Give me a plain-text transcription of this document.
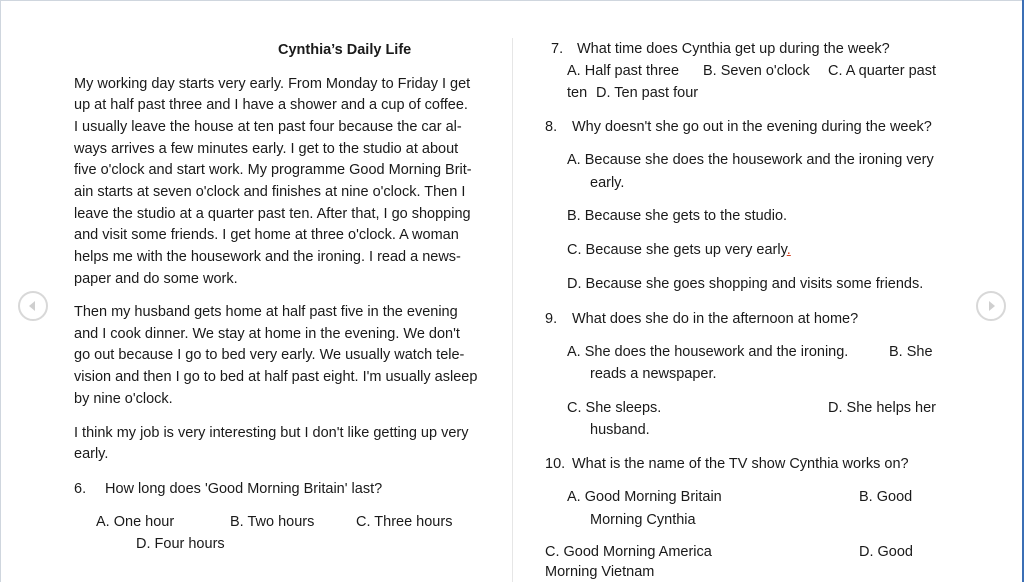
Cynthia’s Daily Life
My working day starts very early. From Monday to Friday I get
up at half past three and I have a shower and a cup of coffee.
I usually leave the house at ten past four because the car al-
ways arrives a few minutes early. I get to the studio at about
five o'clock and start work. My programme Good Morning Brit-
ain starts at seven o'clock and finishes at nine o'clock. Then I
leave the studio at a quarter past ten. After that, I go shopping
and visit some friends. I get home at three o'clock. A woman
helps me with the housework and the ironing. I read a news-
paper and do some work.
Then my husband gets home at half past five in the evening
and I cook dinner. We stay at home in the evening. We don't
go out because I go to bed very early. We usually watch tele-
vision and then I go to bed at half past eight. I'm usually asleep
by nine o'clock.
I think my job is very interesting but I don't like getting up very
early.
6. How long does 'Good Morning Britain' last?
A. One hour	B. Two hours	C. Three hours
D. Four hours
7. What time does Cynthia get up during the week?
A. Half past three B. Seven o'clock C. A quarter past
ten D. Ten past four
8. Why doesn't she go out in the evening during the week?
A. Because she does the housework and the ironing very
early.
B. Because she gets to the studio.
C. Because she gets up very early.
D. Because she goes shopping and visits some friends.
9. What does she do in the afternoon at home?
A. She does the housework and the ironing.	B. She
reads a newspaper.
C. She sleeps.	D. She helps her
husband.
10. What is the name of the TV show Cynthia works on?
A. Good Morning Britain	B. Good
Morning Cynthia
C. Good Morning America	D. Good
Morning Vietnam
